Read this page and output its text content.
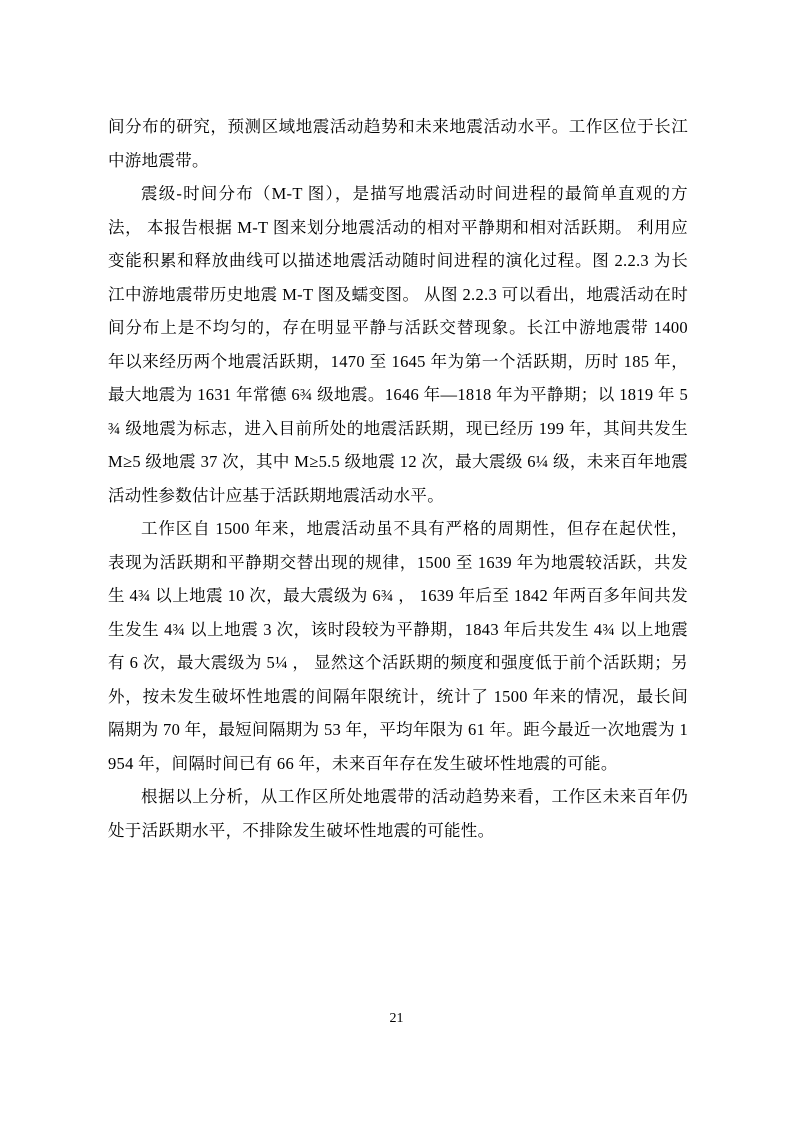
间分布的研究，预测区域地震活动趋势和未来地震活动水平。工作区位于长江中游地震带。

震级-时间分布（M-T 图），是描写地震活动时间进程的最简单直观的方法， 本报告根据 M-T 图来划分地震活动的相对平静期和相对活跃期。 利用应变能积累和释放曲线可以描述地震活动随时间进程的演化过程。图 2.2.3 为长江中游地震带历史地震 M-T 图及蠕变图。 从图 2.2.3 可以看出，地震活动在时间分布上是不均匀的，存在明显平静与活跃交替现象。长江中游地震带 1400 年以来经历两个地震活跃期，1470 至 1645 年为第一个活跃期，历时 185 年，最大地震为 1631 年常德 6¾ 级地震。1646 年—1818 年为平静期；以 1819 年 5¾ 级地震为标志，进入目前所处的地震活跃期，现已经历 199 年，其间共发生 M≥5 级地震 37 次，其中 M≥5.5 级地震 12 次，最大震级 6¼ 级，未来百年地震活动性参数估计应基于活跃期地震活动水平。

工作区自 1500 年来，地震活动虽不具有严格的周期性，但存在起伏性，表现为活跃期和平静期交替出现的规律，1500 至 1639 年为地震较活跃，共发生 4¾ 以上地震 10 次，最大震级为 6¾ ， 1639 年后至 1842 年两百多年间共发生发生 4¾ 以上地震 3 次，该时段较为平静期，1843 年后共发生 4¾ 以上地震有 6 次，最大震级为 5¼ ， 显然这个活跃期的频度和强度低于前个活跃期；另外，按未发生破坏性地震的间隔年限统计，统计了 1500 年来的情况，最长间隔期为 70 年，最短间隔期为 53 年，平均年限为 61 年。距今最近一次地震为 1954 年，间隔时间已有 66 年，未来百年存在发生破坏性地震的可能。

根据以上分析，从工作区所处地震带的活动趋势来看，工作区未来百年仍处于活跃期水平，不排除发生破坏性地震的可能性。

21
